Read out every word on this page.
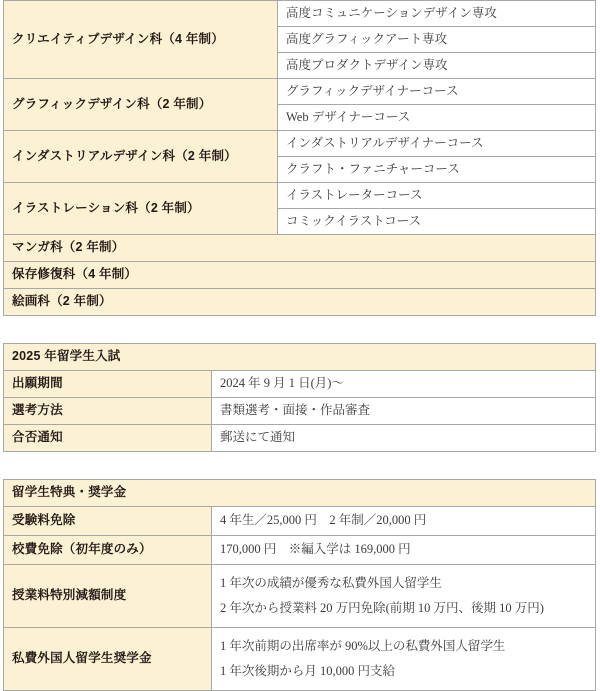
クリエイティブデザイン科（4 年制）	高度コミュニケーションデザイン専攻
	高度グラフィックアート専攻
	高度プロダクトデザイン専攻
グラフィックデザイン科（2 年制）	グラフィックデザイナーコース
	Web デザイナーコース
インダストリアルデザイン科（2 年制）	インダストリアルデザイナーコース
	クラフト・ファニチャーコース
イラストレーション科（2 年制）	イラストレーターコース
	コミックイラストコース
マンガ科（2 年制）	
保存修復科（4 年制）	
絵画科（2 年制）	
2025 年留学生入試	
出願期間	2024 年 9 月 1 日(月)〜
選考方法	書類選考・面接・作品審査
合否通知	郵送にて通知
留学生特典・奨学金	
受験料免除	4 年生／25,000 円　2 年制／20,000 円

校費免除（初年度のみ）	170,000 円　※編入学は 169,000 円

授業料特別減額制度	1 年次の成績が優秀な私費外国人留学生
2 年次から授業料 20 万円免除(前期 10 万円、後期 10 万円)

私費外国人留学生奨学金	1 年次前期の出席率が 90%以上の私費外国人留学生
1 年次後期から月 10,000 円支給
